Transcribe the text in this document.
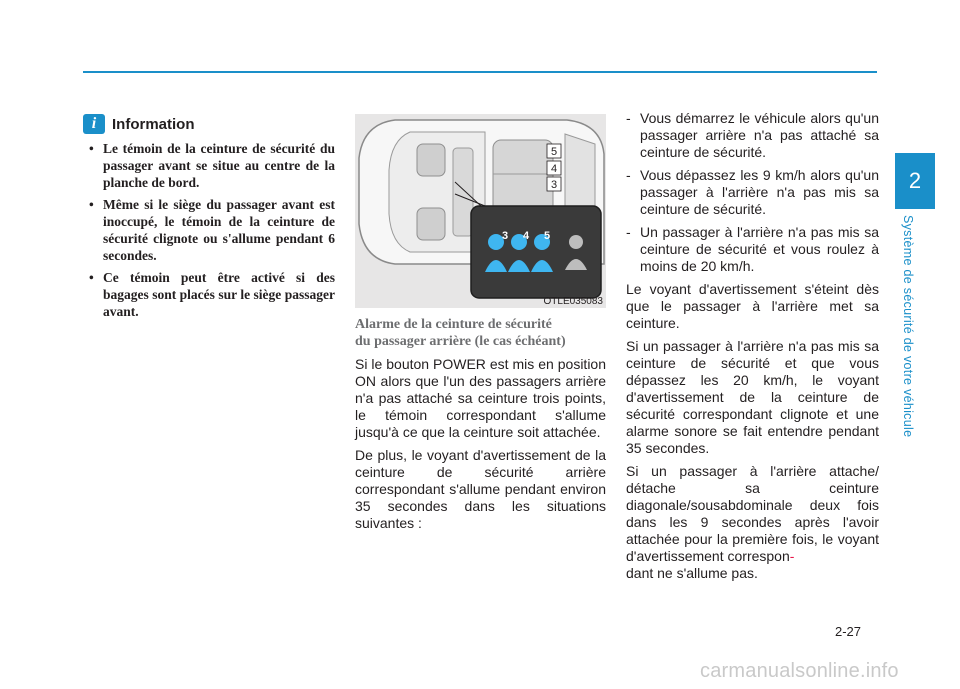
2
Système de sécurité de votre véhicule
i	Information
• Le témoin de la ceinture de sécurité du passager avant se situe au centre de la planche de bord.
• Même si le siège du passager avant est inoccupé, le témoin de la ceinture de sécurité clignote ou s'allume pendant 6 secondes.
• Ce témoin peut être activé si des bagages sont placés sur le siège passager avant.
5
4
3
3 4 5
OTLE035083
Alarme de la ceinture de sécurité
du passager arrière (le cas échéant)

Si le bouton POWER est mis en position ON alors que l'un des passagers arrière n'a pas attaché sa ceinture trois points, le témoin correspondant s'allume jusqu'à ce que la ceinture soit attachée.

De plus, le voyant d'avertissement de la ceinture de sécurité arrière correspondant s'allume pendant environ 35 secondes dans les situations suivantes :

- Vous démarrez le véhicule alors qu'un passager arrière n'a pas attaché sa ceinture de sécurité.
- Vous dépassez les 9 km/h alors qu'un passager à l'arrière n'a pas mis sa ceinture de sécurité.
- Un passager à l'arrière n'a pas mis sa ceinture de sécurité et vous roulez à moins de 20 km/h.

Le voyant d'avertissement s'éteint dès que le passager à l'arrière met sa ceinture.

Si un passager à l'arrière n'a pas mis sa ceinture de sécurité et que vous dépassez les 20 km/h, le voyant d'avertissement de la ceinture de sécurité correspondant clignote et une alarme sonore se fait entendre pendant 35 secondes.

Si un passager à l'arrière attache/ détache sa ceinture diagonale/sousabdominale deux fois dans les 9 secondes après l'avoir attachée pour la première fois, le voyant d'avertissement correspon-
dant ne s'allume pas.

2-27
carmanualsonline.info
